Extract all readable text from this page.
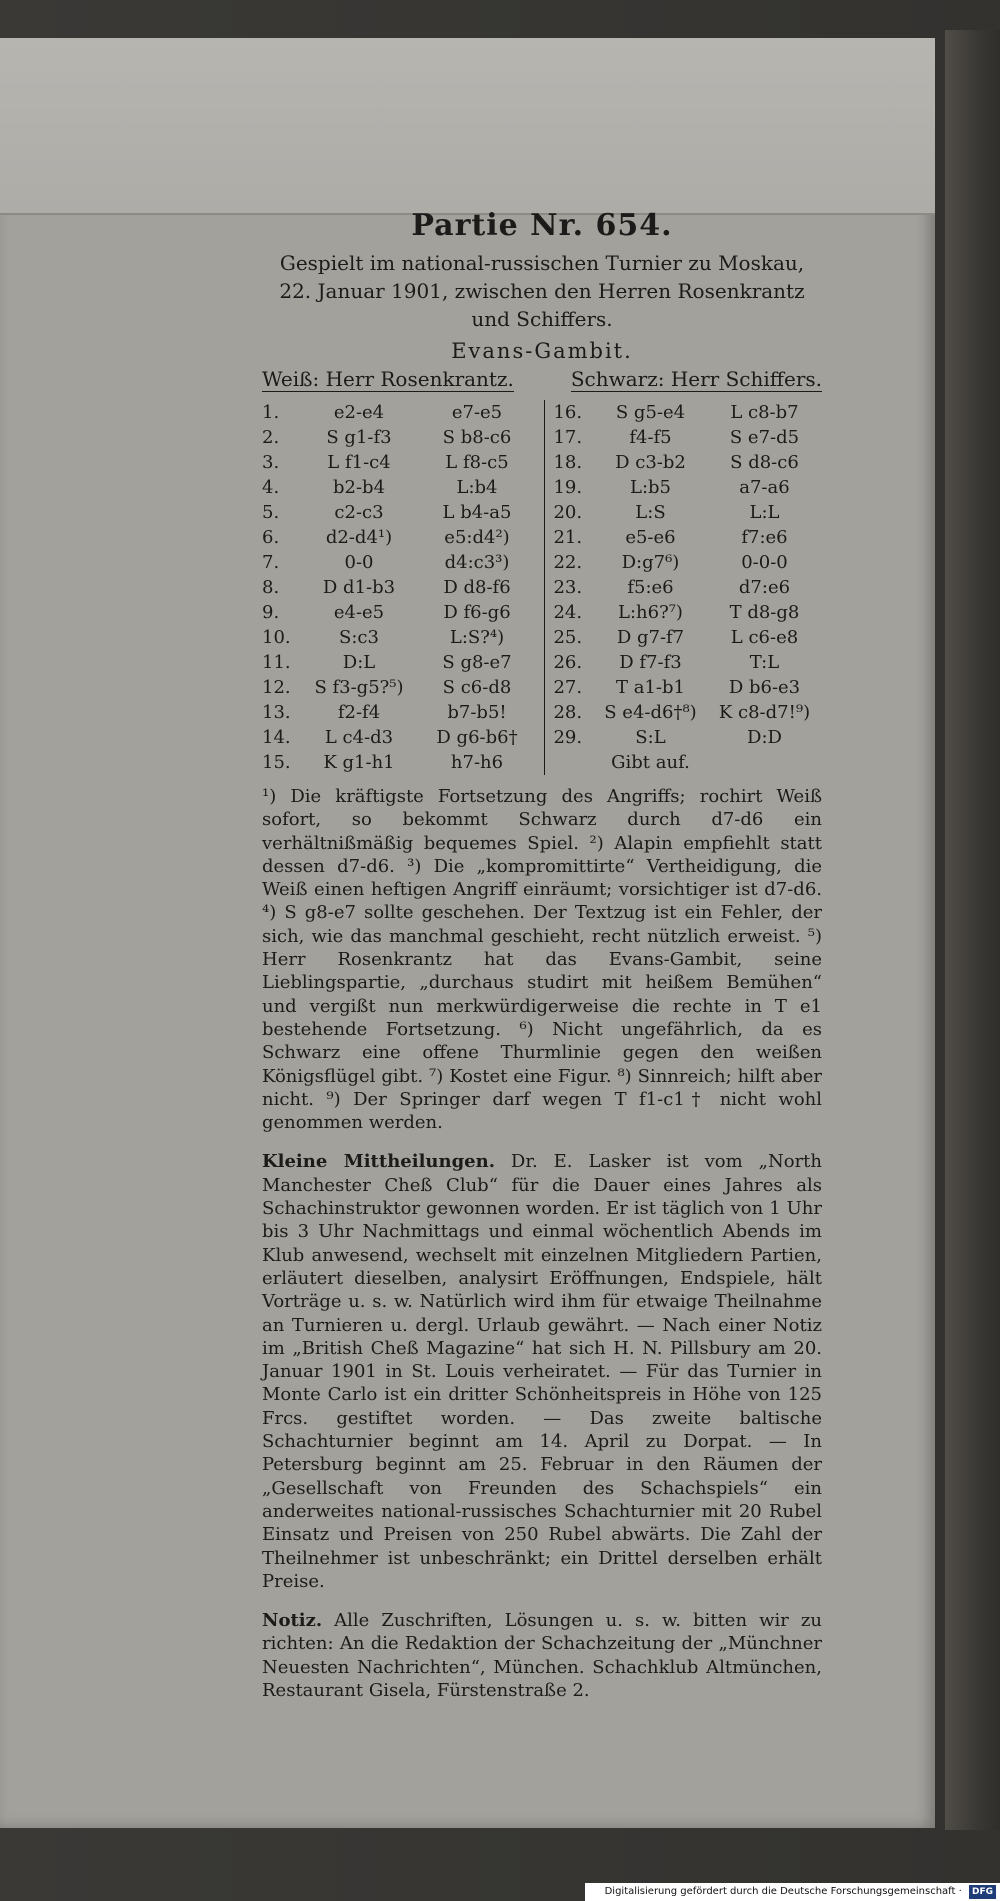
Partie Nr. 654.

Gespielt im national-russischen Turnier zu Moskau, 22. Januar 1901, zwischen den Herren Rosenkrantz und Schiffers.

Evans-Gambit.
Weiß: Herr Rosenkrantz.	Schwarz: Herr Schiffers.
1.	e2-e4	e7-e5
2.	S g1-f3	S b8-c6
3.	L f1-c4	L f8-c5
4.	b2-b4	L:b4
5.	c2-c3	L b4-a5
6.	d2-d4¹)	e5:d4²)
7.	0-0	d4:c3³)
8.	D d1-b3	D d8-f6
9.	e4-e5	D f6-g6
10.	S:c3	L:S?⁴)
11.	D:L	S g8-e7
12.	S f3-g5?⁵)	S c6-d8
13.	f2-f4	b7-b5!
14.	L c4-d3	D g6-b6†
15.	K g1-h1	h7-h6
16.	S g5-e4	L c8-b7
17.	f4-f5	S e7-d5
18.	D c3-b2	S d8-c6
19.	L:b5	a7-a6
20.	L:S	L:L
21.	e5-e6	f7:e6
22.	D:g7⁶)	0-0-0
23.	f5:e6	d7:e6
24.	L:h6?⁷)	T d8-g8
25.	D g7-f7	L c6-e8
26.	D f7-f3	T:L
27.	T a1-b1	D b6-e3
28.	S e4-d6†⁸)	K c8-d7!⁹)
29.	S:L	D:D
Gibt auf.

¹) Die kräftigste Fortsetzung des Angriffs; rochirt Weiß sofort, so bekommt Schwarz durch d7-d6 ein verhältnißmäßig bequemes Spiel. ²) Alapin empfiehlt statt dessen d7-d6. ³) Die „kompromittirte“ Vertheidigung, die Weiß einen heftigen Angriff einräumt; vorsichtiger ist d7-d6. ⁴) S g8-e7 sollte geschehen. Der Textzug ist ein Fehler, der sich, wie das manchmal geschieht, recht nützlich erweist. ⁵) Herr Rosenkrantz hat das Evans-Gambit, seine Lieblingspartie, „durchaus studirt mit heißem Bemühen“ und vergißt nun merkwürdigerweise die rechte in T e1 bestehende Fortsetzung. ⁶) Nicht ungefährlich, da es Schwarz eine offene Thurmlinie gegen den weißen Königsflügel gibt. ⁷) Kostet eine Figur. ⁸) Sinnreich; hilft aber nicht. ⁹) Der Springer darf wegen T f1-c1† nicht wohl genommen werden.

Kleine Mittheilungen. Dr. E. Lasker ist vom „North Manchester Cheß Club“ für die Dauer eines Jahres als Schachinstruktor gewonnen worden. Er ist täglich von 1 Uhr bis 3 Uhr Nachmittags und einmal wöchentlich Abends im Klub anwesend, wechselt mit einzelnen Mitgliedern Partien, erläutert dieselben, analysirt Eröffnungen, Endspiele, hält Vorträge u. s. w. Natürlich wird ihm für etwaige Theilnahme an Turnieren u. dergl. Urlaub gewährt. — Nach einer Notiz im „British Cheß Magazine“ hat sich H. N. Pillsbury am 20. Januar 1901 in St. Louis verheiratet. — Für das Turnier in Monte Carlo ist ein dritter Schönheitspreis in Höhe von 125 Frcs. gestiftet worden. — Das zweite baltische Schachturnier beginnt am 14. April zu Dorpat. — In Petersburg beginnt am 25. Februar in den Räumen der „Gesellschaft von Freunden des Schachspiels“ ein anderweites national-russisches Schachturnier mit 20 Rubel Einsatz und Preisen von 250 Rubel abwärts. Die Zahl der Theilnehmer ist unbeschränkt; ein Drittel derselben erhält Preise.
Notiz. Alle Zuschriften, Lösungen u. s. w. bitten wir zu richten: An die Redaktion der Schachzeitung der „Münchner Neuesten Nachrichten“, München. Schachklub Altmünchen, Restaurant Gisela, Fürstenstraße 2.
Digitalisierung gefördert durch die Deutsche Forschungsgemeinschaft · DFG
